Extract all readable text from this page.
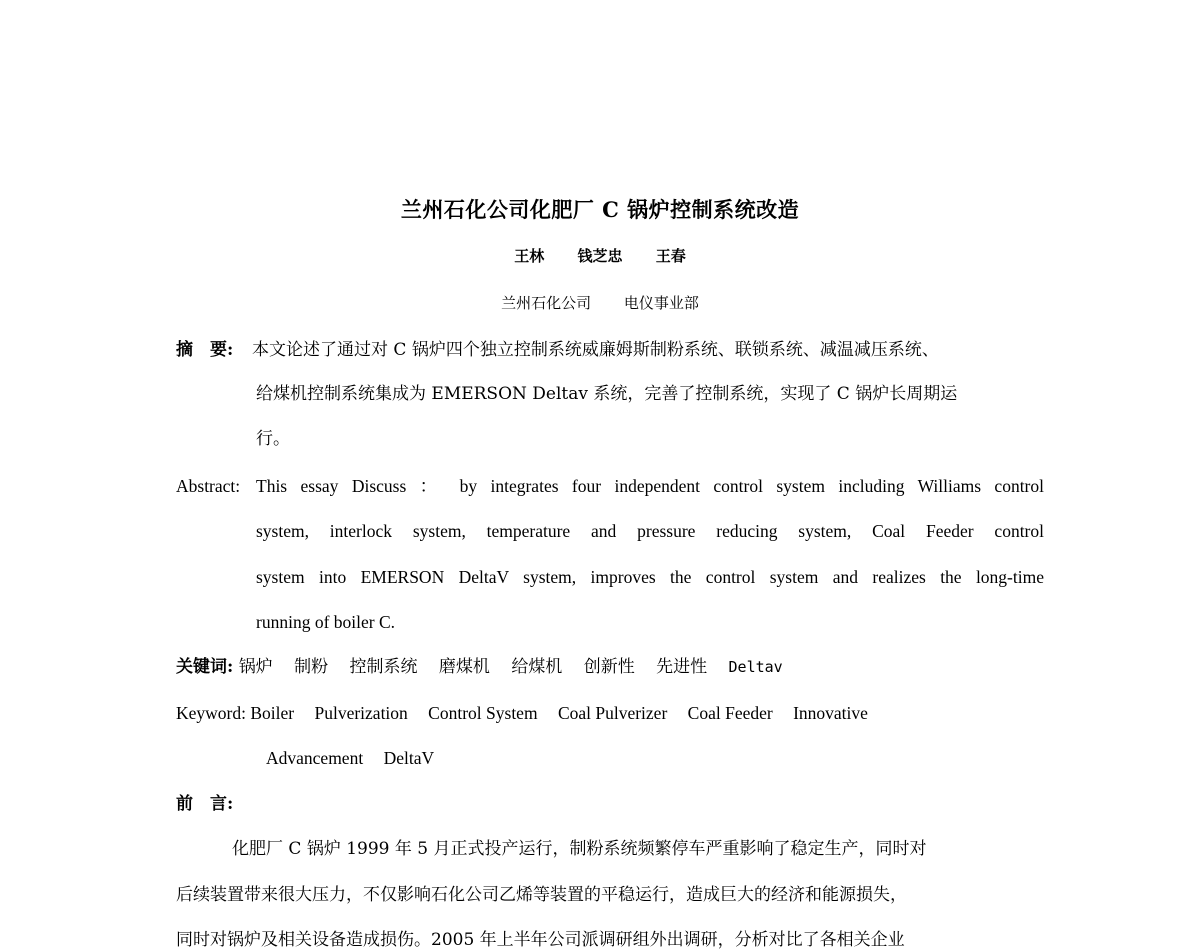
兰州石化公司化肥厂 C 锅炉控制系统改造
王林 钱芝忠 王春
兰州石化公司 电仪事业部
摘　要: 本文论述了通过对 C 锅炉四个独立控制系统威廉姆斯制粉系统、联锁系统、减温减压系统、
给煤机控制系统集成为 EMERSON Deltav 系统，完善了控制系统，实现了 C 锅炉长周期运
行。
Abstract: This essay Discuss ： by integrates four independent control system including Williams control
system, interlock system, temperature and pressure reducing system, Coal Feeder control
system into EMERSON DeltaV system, improves the control system and realizes the long-time
running of boiler C.
关键词: 锅炉 制粉 控制系统 磨煤机 给煤机 创新性 先进性 Deltav
Keyword: Boiler Pulverization Control System Coal Pulverizer Coal Feeder Innovative
Advancement DeltaV
前　言:
化肥厂 C 锅炉 1999 年 5 月正式投产运行，制粉系统频繁停车严重影响了稳定生产，同时对
后续装置带来很大压力，不仅影响石化公司乙烯等装置的平稳运行，造成巨大的经济和能源损失，
同时对锅炉及相关设备造成损伤。2005 年上半年公司派调研组外出调研，分析对比了各相关企业
